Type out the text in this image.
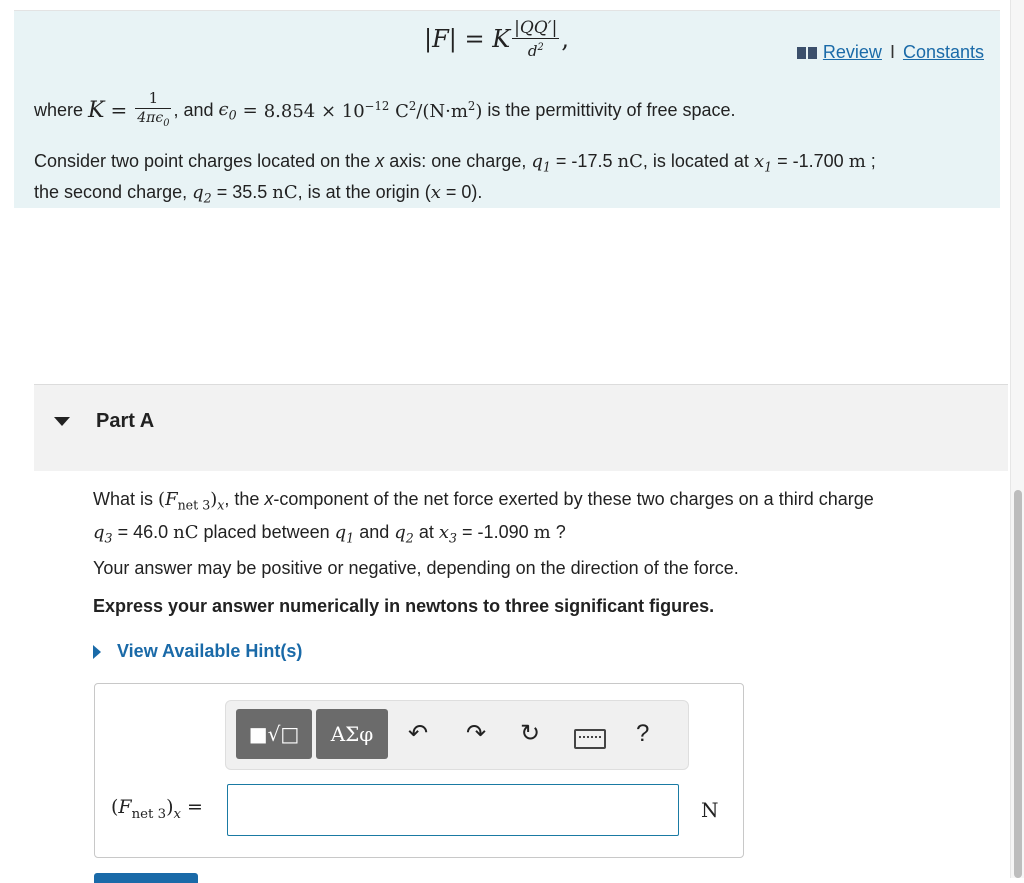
|F| = K $\frac{|QQ'|}{d^2}$ ,	Review I Constants
where
$K = \frac{1}{4\pi\epsilon_0}$ , and
$\epsilon_0 = 8.854 \times 10^{-12}$ $C^2/(N\cdot m^2)$
is the permittivity of free space.
Consider two point charges located on the x axis: one charge, $q_1 = -17.5$ nC, is located at $x_1 = -1.700$ m ;
the second charge, $q_2 = 35.5$ nC, is at the origin (x = 0).
Part A
What is $(F_{net 3})_x$, the x-component of the net force exerted by these two charges on a third charge
$q_3 = 46.0$ nC placed between $q_1$ and $q_2$ at $x_3 = -1.090$ m ?
Your answer may be positive or negative, depending on the direction of the force.
Express your answer numerically in newtons to three significant figures.
View Available Hint(s)
■√□	ΑΣφ	↶ ↷ ↻	?
$(F_{net 3})_x$ =	N
